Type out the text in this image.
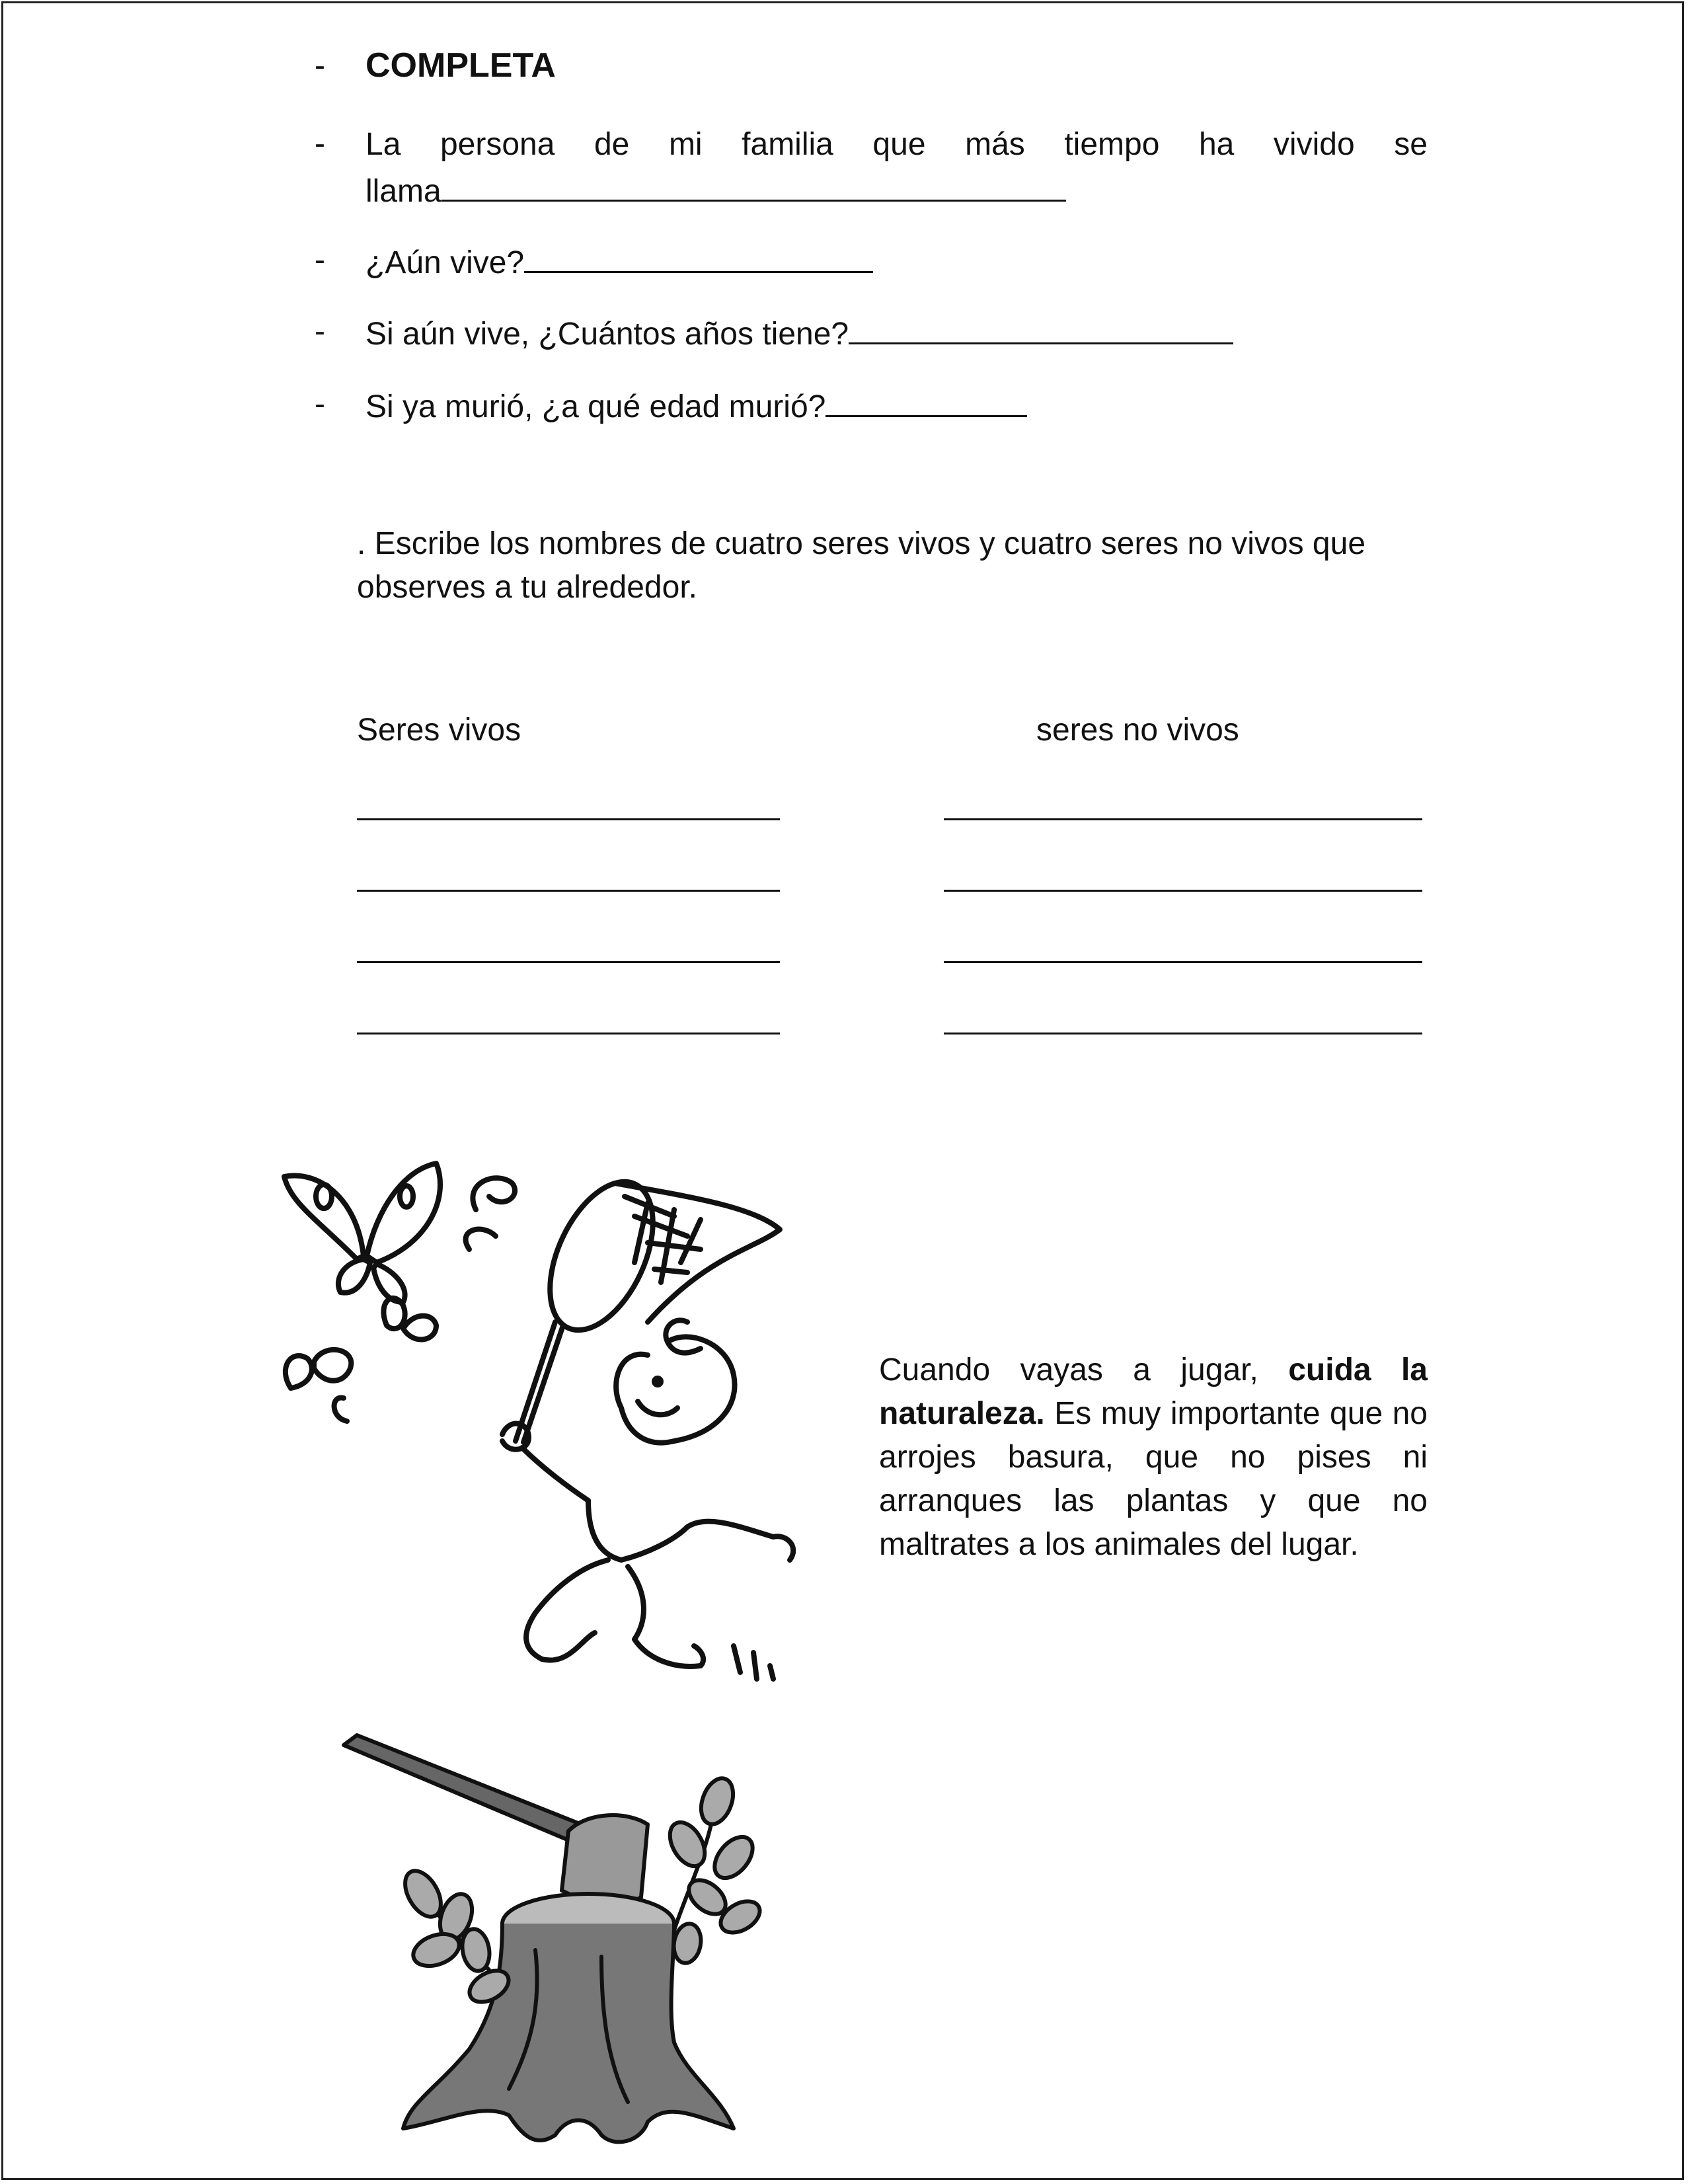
- COMPLETA
- La persona de mi familia que más tiempo ha vivido se
llama
- ¿Aún vive?
- Si aún vive, ¿Cuántos años tiene?
- Si ya murió, ¿a qué edad murió?
. Escribe los nombres de cuatro seres vivos y cuatro seres no vivos que
observes a tu alrededor.
Seres vivos	seres no vivos
Cuando vayas a jugar, cuida la naturaleza. Es muy importante que no arrojes basura, que no pises ni arranques las plantas y que no maltrates a los animales del lugar.
